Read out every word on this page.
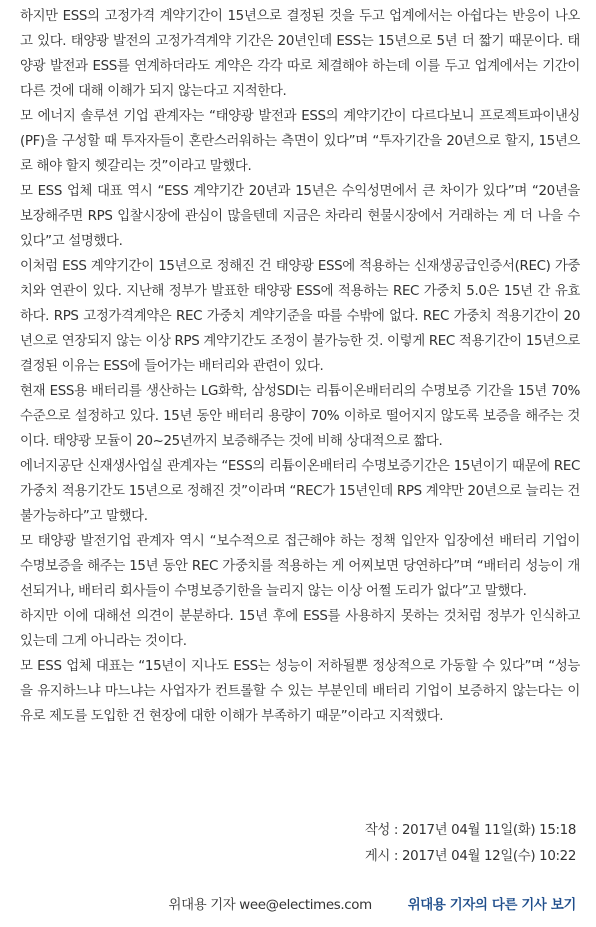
하지만 ESS의 고정가격 계약기간이 15년으로 결정된 것을 두고 업계에서는 아쉽다는 반응이 나오고 있다. 태양광 발전의 고정가격계약 기간은 20년인데 ESS는 15년으로 5년 더 짧기 때문이다. 태양광 발전과 ESS를 연계하더라도 계약은 각각 따로 체결해야 하는데 이를 두고 업계에서는 기간이 다른 것에 대해 이해가 되지 않는다고 지적한다.

모 에너지 솔루션 기업 관계자는 “태양광 발전과 ESS의 계약기간이 다르다보니 프로젝트파이낸싱(PF)을 구성할 때 투자자들이 혼란스러워하는 측면이 있다”며 “투자기간을 20년으로 할지, 15년으로 해야 할지 헷갈리는 것”이라고 말했다.

모 ESS 업체 대표 역시 “ESS 계약기간 20년과 15년은 수익성면에서 큰 차이가 있다”며 “20년을 보장해주면 RPS 입찰시장에 관심이 많을텐데 지금은 차라리 현물시장에서 거래하는 게 더 나을 수 있다”고 설명했다.

이처럼 ESS 계약기간이 15년으로 정해진 건 태양광 ESS에 적용하는 신재생공급인증서(REC) 가중치와 연관이 있다. 지난해 정부가 발표한 태양광 ESS에 적용하는 REC 가중치 5.0은 15년 간 유효하다. RPS 고정가격계약은 REC 가중치 계약기준을 따를 수밖에 없다. REC 가중치 적용기간이 20년으로 연장되지 않는 이상 RPS 계약기간도 조정이 불가능한 것. 이렇게 REC 적용기간이 15년으로 결정된 이유는 ESS에 들어가는 배터리와 관련이 있다.

현재 ESS용 배터리를 생산하는 LG화학, 삼성SDI는 리튬이온배터리의 수명보증 기간을 15년 70% 수준으로 설정하고 있다. 15년 동안 배터리 용량이 70% 이하로 떨어지지 않도록 보증을 해주는 것이다. 태양광 모듈이 20~25년까지 보증해주는 것에 비해 상대적으로 짧다.

에너지공단 신재생사업실 관계자는 “ESS의 리튬이온배터리 수명보증기간은 15년이기 때문에 REC 가중치 적용기간도 15년으로 정해진 것”이라며 “REC가 15년인데 RPS 계약만 20년으로 늘리는 건 불가능하다”고 말했다.

모 태양광 발전기업 관계자 역시 “보수적으로 접근해야 하는 정책 입안자 입장에선 배터리 기업이 수명보증을 해주는 15년 동안 REC 가중치를 적용하는 게 어찌보면 당연하다”며 “배터리 성능이 개선되거나, 배터리 회사들이 수명보증기한을 늘리지 않는 이상 어쩔 도리가 없다”고 말했다.

하지만 이에 대해선 의견이 분분하다. 15년 후에 ESS를 사용하지 못하는 것처럼 정부가 인식하고 있는데 그게 아니라는 것이다.

모 ESS 업체 대표는 “15년이 지나도 ESS는 성능이 저하될뿐 정상적으로 가동할 수 있다”며 “성능을 유지하느냐 마느냐는 사업자가 컨트롤할 수 있는 부분인데 배터리 기업이 보증하지 않는다는 이유로 제도를 도입한 건 현장에 대한 이해가 부족하기 때문”이라고 지적했다.

작성 : 2017년 04월 11일(화) 15:18
게시 : 2017년 04월 12일(수) 10:22
위대용 기자 wee@electimes.com	위대용 기자의 다른 기사 보기
